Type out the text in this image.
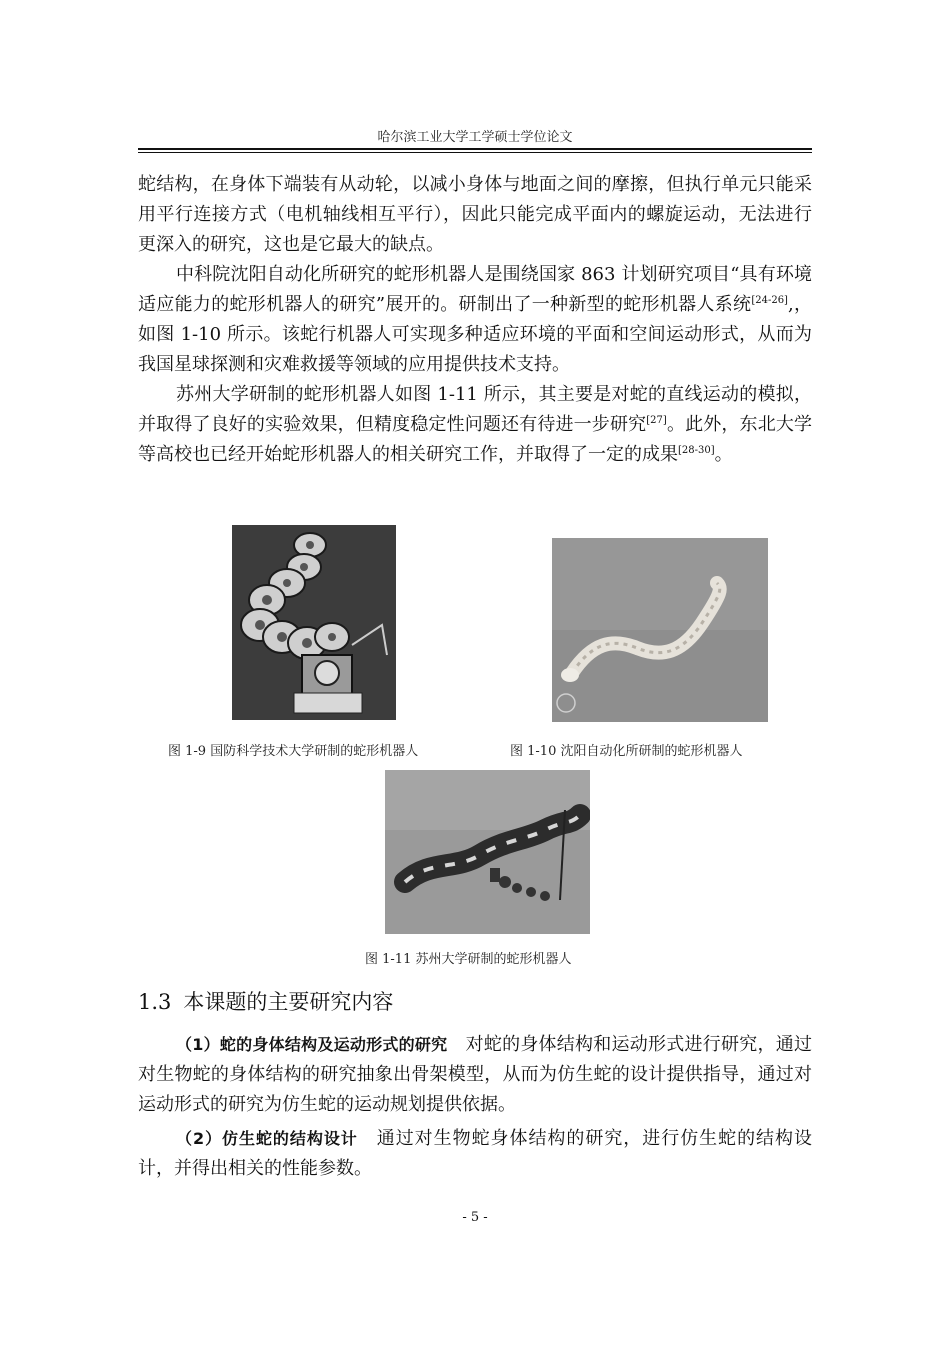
哈尔滨工业大学工学硕士学位论文

蛇结构，在身体下端装有从动轮，以减小身体与地面之间的摩擦，但执行单元只能采用平行连接方式（电机轴线相互平行），因此只能完成平面内的螺旋运动，无法进行更深入的研究，这也是它最大的缺点。

中科院沈阳自动化所研究的蛇形机器人是围绕国家 863 计划研究项目“具有环境适应能力的蛇形机器人的研究”展开的。研制出了一种新型的蛇形机器人系统[24-26],，如图 1-10 所示。该蛇行机器人可实现多种适应环境的平面和空间运动形式，从而为我国星球探测和灾难救援等领域的应用提供技术支持。

苏州大学研制的蛇形机器人如图 1-11 所示，其主要是对蛇的直线运动的模拟，并取得了良好的实验效果，但精度稳定性问题还有待进一步研究[27]。此外，东北大学等高校也已经开始蛇形机器人的相关研究工作，并取得了一定的成果[28-30]。

图 1-9 国防科学技术大学研制的蛇形机器人	图 1-10 沈阳自动化所研制的蛇形机器人
图 1-11 苏州大学研制的蛇形机器人
1.3 本课题的主要研究内容

（1）蛇的身体结构及运动形式的研究　 对蛇的身体结构和运动形式进行研究，通过对生物蛇的身体结构的研究抽象出骨架模型，从而为仿生蛇的设计提供指导，通过对运动形式的研究为仿生蛇的运动规划提供依据。

（2）仿生蛇的结构设计　 通过对生物蛇身体结构的研究，进行仿生蛇的结构设计，并得出相关的性能参数。

- 5 -
